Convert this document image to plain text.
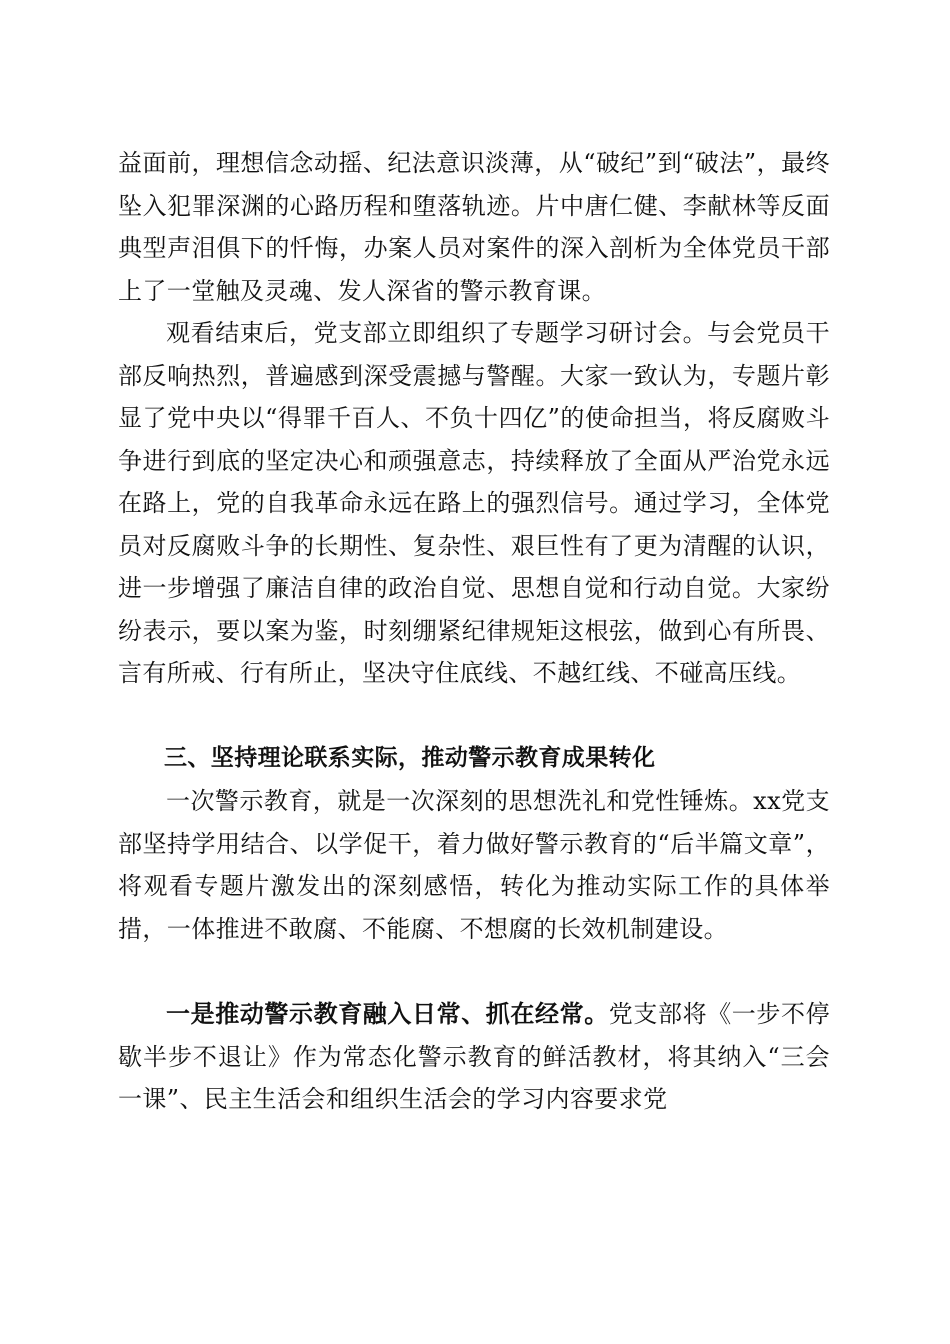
益面前，理想信念动摇、纪法意识淡薄，从“破纪”到“破法”，最终坠入犯罪深渊的心路历程和堕落轨迹。片中唐仁健、李献林等反面典型声泪俱下的忏悔，办案人员对案件的深入剖析为全体党员干部上了一堂触及灵魂、发人深省的警示教育课。

观看结束后，党支部立即组织了专题学习研讨会。与会党员干部反响热烈，普遍感到深受震撼与警醒。大家一致认为，专题片彰显了党中央以“得罪千百人、不负十四亿”的使命担当，将反腐败斗争进行到底的坚定决心和顽强意志，持续释放了全面从严治党永远在路上，党的自我革命永远在路上的强烈信号。通过学习，全体党员对反腐败斗争的长期性、复杂性、艰巨性有了更为清醒的认识，进一步增强了廉洁自律的政治自觉、思想自觉和行动自觉。大家纷纷表示，要以案为鉴，时刻绷紧纪律规矩这根弦，做到心有所畏、言有所戒、行有所止，坚决守住底线、不越红线、不碰高压线。

三、坚持理论联系实际，推动警示教育成果转化

一次警示教育，就是一次深刻的思想洗礼和党性锤炼。xx党支部坚持学用结合、以学促干，着力做好警示教育的“后半篇文章”，将观看专题片激发出的深刻感悟，转化为推动实际工作的具体举措，一体推进不敢腐、不能腐、不想腐的长效机制建设。

一是推动警示教育融入日常、抓在经常。党支部将《一步不停歇半步不退让》作为常态化警示教育的鲜活教材，将其纳入“三会一课”、民主生活会和组织生活会的学习内容要求党
